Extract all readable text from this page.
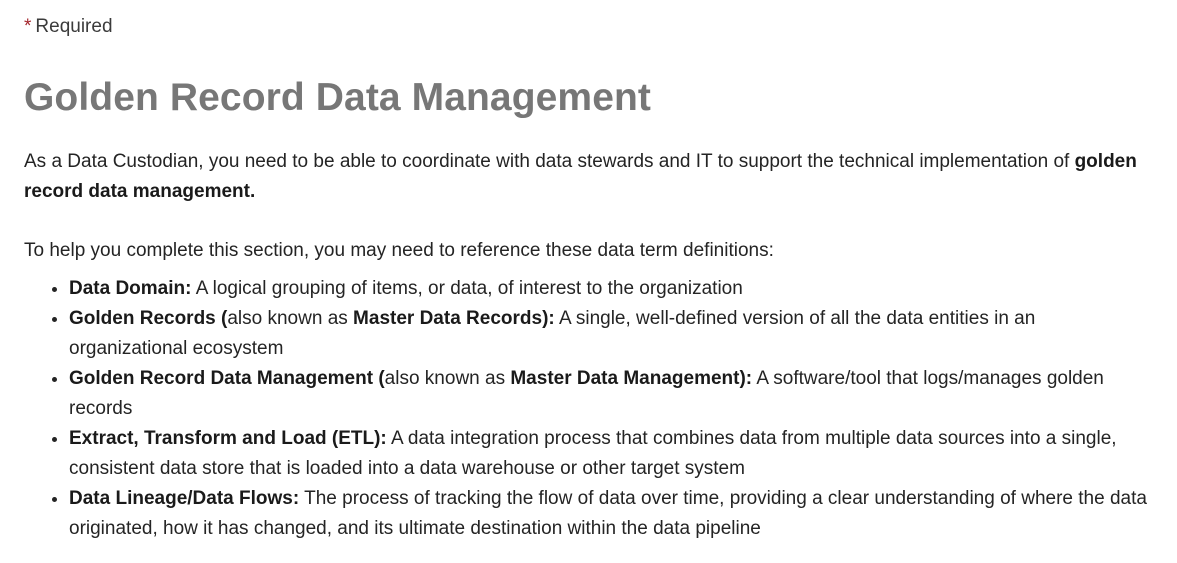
* Required

Golden Record Data Management

As a Data Custodian, you need to be able to coordinate with data stewards and IT to support the technical implementation of golden record data management.

To help you complete this section, you may need to reference these data term definitions:

• Data Domain: A logical grouping of items, or data, of interest to the organization
• Golden Records (also known as Master Data Records): A single, well-defined version of all the data entities in an organizational ecosystem
• Golden Record Data Management (also known as Master Data Management): A software/tool that logs/manages golden records
• Extract, Transform and Load (ETL): A data integration process that combines data from multiple data sources into a single, consistent data store that is loaded into a data warehouse or other target system
• Data Lineage/Data Flows: The process of tracking the flow of data over time, providing a clear understanding of where the data originated, how it has changed, and its ultimate destination within the data pipeline
